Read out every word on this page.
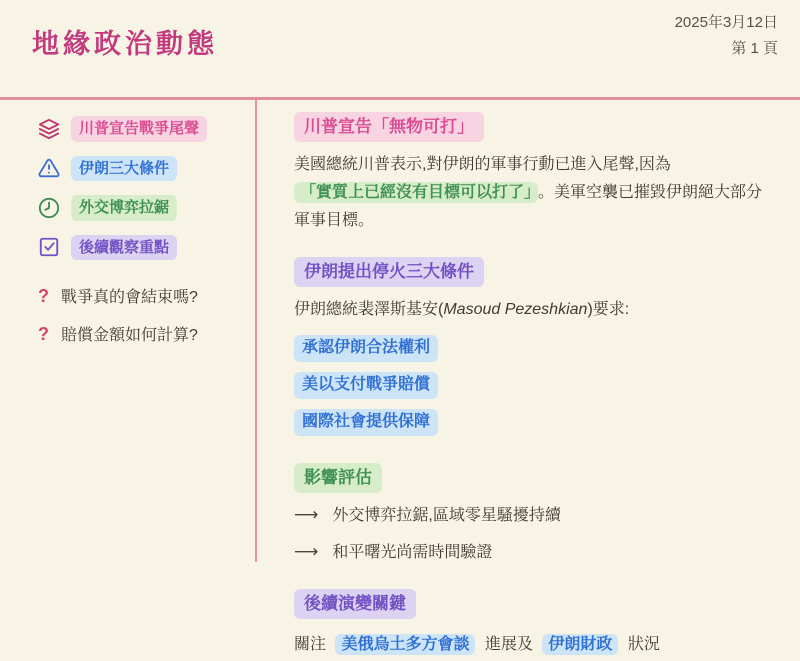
地緣政治動態
2025年3月12日
第 1 頁
川普宣告戰爭尾聲
伊朗三大條件
外交博弈拉鋸
後續觀察重點
? 戰爭真的會結束嗎?
? 賠償金額如何計算?
川普宣告「無物可打」
美國總統川普表示,對伊朗的軍事行動已進入尾聲,因為
「實質上已經沒有目標可以打了」 。美軍空襲已摧毀伊朗絕大部分
軍事目標。
伊朗提出停火三大條件
伊朗總統裴澤斯基安(Masoud Pezeshkian)要求:
承認伊朗合法權利
美以支付戰爭賠償
國際社會提供保障
影響評估
⟶ 外交博弈拉鋸,區域零星騷擾持續
⟶ 和平曙光尚需時間驗證
後續演變關鍵
關注 美俄烏土多方會談 進展及 伊朗財政 狀況
